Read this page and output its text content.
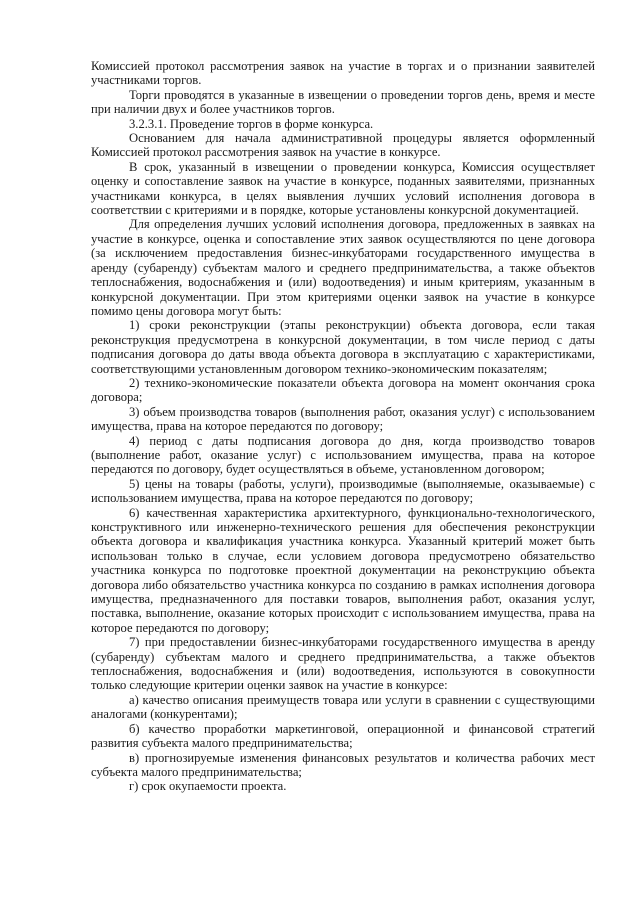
Комиссией протокол рассмотрения заявок на участие в торгах и о признании заявителей участниками торгов.

Торги проводятся в указанные в извещении о проведении торгов день, время и месте при наличии двух и более участников торгов.

3.2.3.1. Проведение торгов в форме конкурса.

Основанием для начала административной процедуры является оформленный Комиссией протокол рассмотрения заявок на участие в конкурсе.

В срок, указанный в извещении о проведении конкурса, Комиссия осуществляет оценку и сопоставление заявок на участие в конкурсе, поданных заявителями, признанных участниками конкурса, в целях выявления лучших условий исполнения договора в соответствии с критериями и в порядке, которые установлены конкурсной документацией.

Для определения лучших условий исполнения договора, предложенных в заявках на участие в конкурсе, оценка и сопоставление этих заявок осуществляются по цене договора (за исключением предоставления бизнес-инкубаторами государственного имущества в аренду (субаренду) субъектам малого и среднего предпринимательства, а также объектов теплоснабжения, водоснабжения и (или) водоотведения) и иным критериям, указанным в конкурсной документации. При этом критериями оценки заявок на участие в конкурсе помимо цены договора могут быть:

1) сроки реконструкции (этапы реконструкции) объекта договора, если такая реконструкция предусмотрена в конкурсной документации, в том числе период с даты подписания договора до даты ввода объекта договора в эксплуатацию с характеристиками, соответствующими установленным договором технико-экономическим показателям;

2) технико-экономические показатели объекта договора на момент окончания срока договора;

3) объем производства товаров (выполнения работ, оказания услуг) с использованием имущества, права на которое передаются по договору;

4) период с даты подписания договора до дня, когда производство товаров (выполнение работ, оказание услуг) с использованием имущества, права на которое передаются по договору, будет осуществляться в объеме, установленном договором;

5) цены на товары (работы, услуги), производимые (выполняемые, оказываемые) с использованием имущества, права на которое передаются по договору;

6) качественная характеристика архитектурного, функционально-технологического, конструктивного или инженерно-технического решения для обеспечения реконструкции объекта договора и квалификация участника конкурса. Указанный критерий может быть использован только в случае, если условием договора предусмотрено обязательство участника конкурса по подготовке проектной документации на реконструкцию объекта договора либо обязательство участника конкурса по созданию в рамках исполнения договора имущества, предназначенного для поставки товаров, выполнения работ, оказания услуг, поставка, выполнение, оказание которых происходит с использованием имущества, права на которое передаются по договору;

7) при предоставлении бизнес-инкубаторами государственного имущества в аренду (субаренду) субъектам малого и среднего предпринимательства, а также объектов теплоснабжения, водоснабжения и (или) водоотведения, используются в совокупности только следующие критерии оценки заявок на участие в конкурсе:

а) качество описания преимуществ товара или услуги в сравнении с существующими аналогами (конкурентами);

б) качество проработки маркетинговой, операционной и финансовой стратегий развития субъекта малого предпринимательства;

в) прогнозируемые изменения финансовых результатов и количества рабочих мест субъекта малого предпринимательства;

г) срок окупаемости проекта.
